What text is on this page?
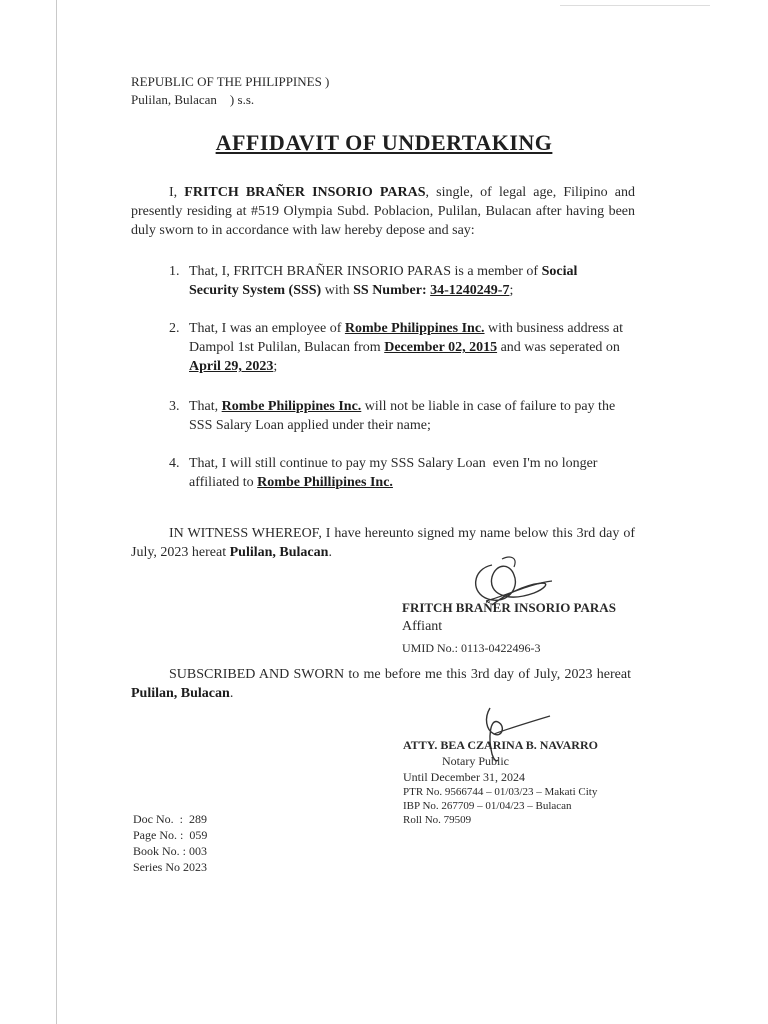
REPUBLIC OF THE PHILIPPINES )
Pulilan, Bulacan    ) s.s.
AFFIDAVIT OF UNDERTAKING
I, FRITCH BRAÑER INSORIO PARAS, single, of legal age, Filipino and presently residing at #519 Olympia Subd. Poblacion, Pulilan, Bulacan after having been duly sworn to in accordance with law hereby depose and say:
1. That, I, FRITCH BRAÑER INSORIO PARAS is a member of Social Security System (SSS) with SS Number: 34-1240249-7;
2. That, I was an employee of Rombe Philippines Inc. with business address at Dampol 1st Pulilan, Bulacan from December 02, 2015 and was seperated on  April 29, 2023;
3. That, Rombe Philippines Inc. will not be liable in case of failure to pay the SSS Salary Loan applied under their name;
4. That, I will still continue to pay my SSS Salary Loan  even I'm no longer affiliated to Rombe Phillipines Inc.
IN WITNESS WHEREOF, I have hereunto signed my name below this 3rd day of July, 2023 hereat Pulilan, Bulacan.
FRITCH BRAÑER INSORIO PARAS
Affiant
UMID No.: 0113-0422496-3
SUBSCRIBED AND SWORN to me before me this 3rd day of July, 2023 hereat Pulilan, Bulacan.
ATTY. BEA CZARINA B. NAVARRO
Notary Public
Until December 31, 2024
PTR No. 9566744 – 01/03/23 – Makati City
IBP No. 267709 – 01/04/23 – Bulacan
Roll No. 79509
Doc No.  :  289
Page No. :  059
Book No. : 003
Series No 2023
